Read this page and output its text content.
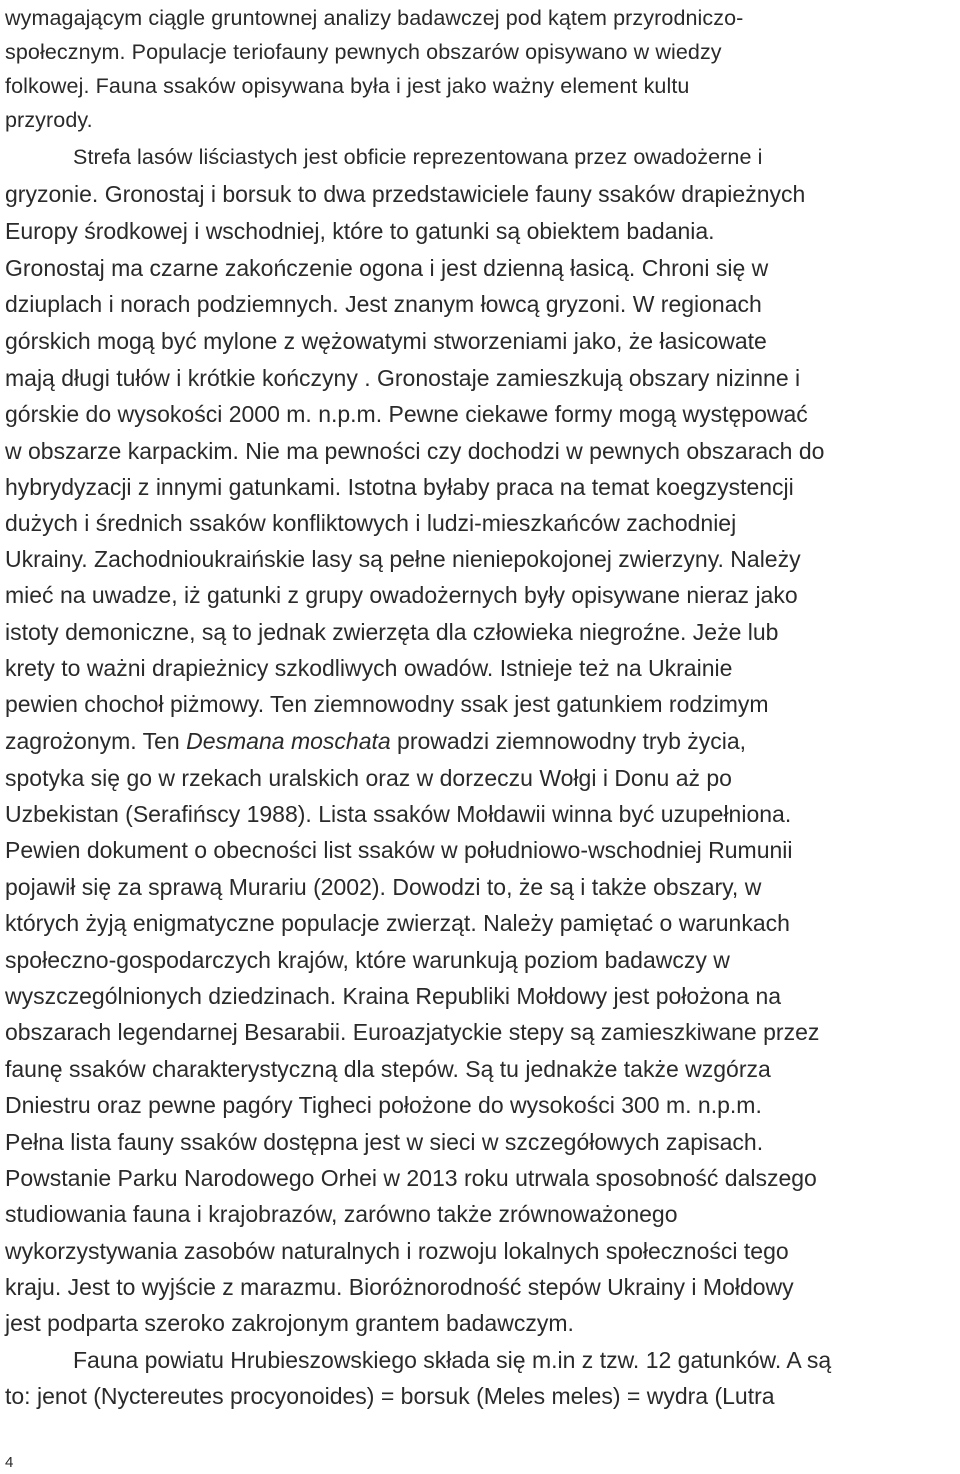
wymagającym ciągle gruntownej analizy badawczej pod kątem przyrodniczo-
społecznym. Populacje teriofauny pewnych obszarów opisywano w wiedzy
folkowej. Fauna ssaków opisywana była i jest jako ważny element kultu
przyrody.
Strefa lasów liściastych jest obficie reprezentowana przez owadożerne i
gryzonie. Gronostaj i borsuk to dwa przedstawiciele fauny ssaków drapieżnych
Europy środkowej i wschodniej, które to gatunki są obiektem badania.
Gronostaj ma czarne zakończenie ogona i jest dzienną łasicą. Chroni się w
dziuplach i norach podziemnych. Jest znanym łowcą gryzoni. W regionach
górskich mogą być mylone z wężowatymi stworzeniami jako, że łasicowate
mają długi tułów i krótkie kończyny . Gronostaje zamieszkują obszary nizinne i
górskie do wysokości 2000 m. n.p.m. Pewne ciekawe formy mogą występować
w obszarze karpackim. Nie ma pewności czy dochodzi w pewnych obszarach do
hybrydyzacji z innymi gatunkami. Istotna byłaby praca na temat koegzystencji
dużych i średnich ssaków konfliktowych i ludzi-mieszkańców zachodniej
Ukrainy. Zachodnioukraińskie lasy są pełne nieniepokojonej zwierzyny. Należy
mieć na uwadze, iż gatunki z grupy owadożernych były opisywane nieraz jako
istoty demoniczne, są to jednak zwierzęta dla człowieka niegroźne. Jeże lub
krety to ważni drapieżnicy szkodliwych owadów. Istnieje też na Ukrainie
pewien chochoł piżmowy. Ten ziemnowodny ssak jest gatunkiem rodzimym
zagrożonym. Ten Desmana moschata prowadzi ziemnowodny tryb życia,
spotyka się go w rzekach uralskich oraz w dorzeczu Wołgi i Donu aż po
Uzbekistan (Serafińscy 1988). Lista ssaków Mołdawii winna być uzupełniona.
Pewien dokument o obecności list ssaków w południowo-wschodniej Rumunii
pojawił się za sprawą Murariu (2002). Dowodzi to, że są i także obszary, w
których żyją enigmatyczne populacje zwierząt. Należy pamiętać o warunkach
społeczno-gospodarczych krajów, które warunkują poziom badawczy w
wyszczególnionych dziedzinach. Kraina Republiki Mołdowy jest położona na
obszarach legendarnej Besarabii. Euroazjatyckie stepy są zamieszkiwane przez
faunę ssaków charakterystyczną dla stepów. Są tu jednakże także wzgórza
Dniestru oraz pewne pagóry Tigheci położone do wysokości 300 m. n.p.m.
Pełna lista fauny ssaków dostępna jest w sieci w szczegółowych zapisach.
Powstanie Parku Narodowego Orhei w 2013 roku utrwala sposobność dalszego
studiowania fauna i krajobrazów, zarówno także zrównoważonego
wykorzystywania zasobów naturalnych i rozwoju lokalnych społeczności tego
kraju. Jest to wyjście z marazmu. Bioróżnorodność stepów Ukrainy i Mołdowy
jest podparta szeroko zakrojonym grantem badawczym.
Fauna powiatu Hrubieszowskiego składa się m.in z tzw. 12 gatunków. A są
to: jenot (Nyctereutes procyonoides) = borsuk (Meles meles) = wydra (Lutra
4
